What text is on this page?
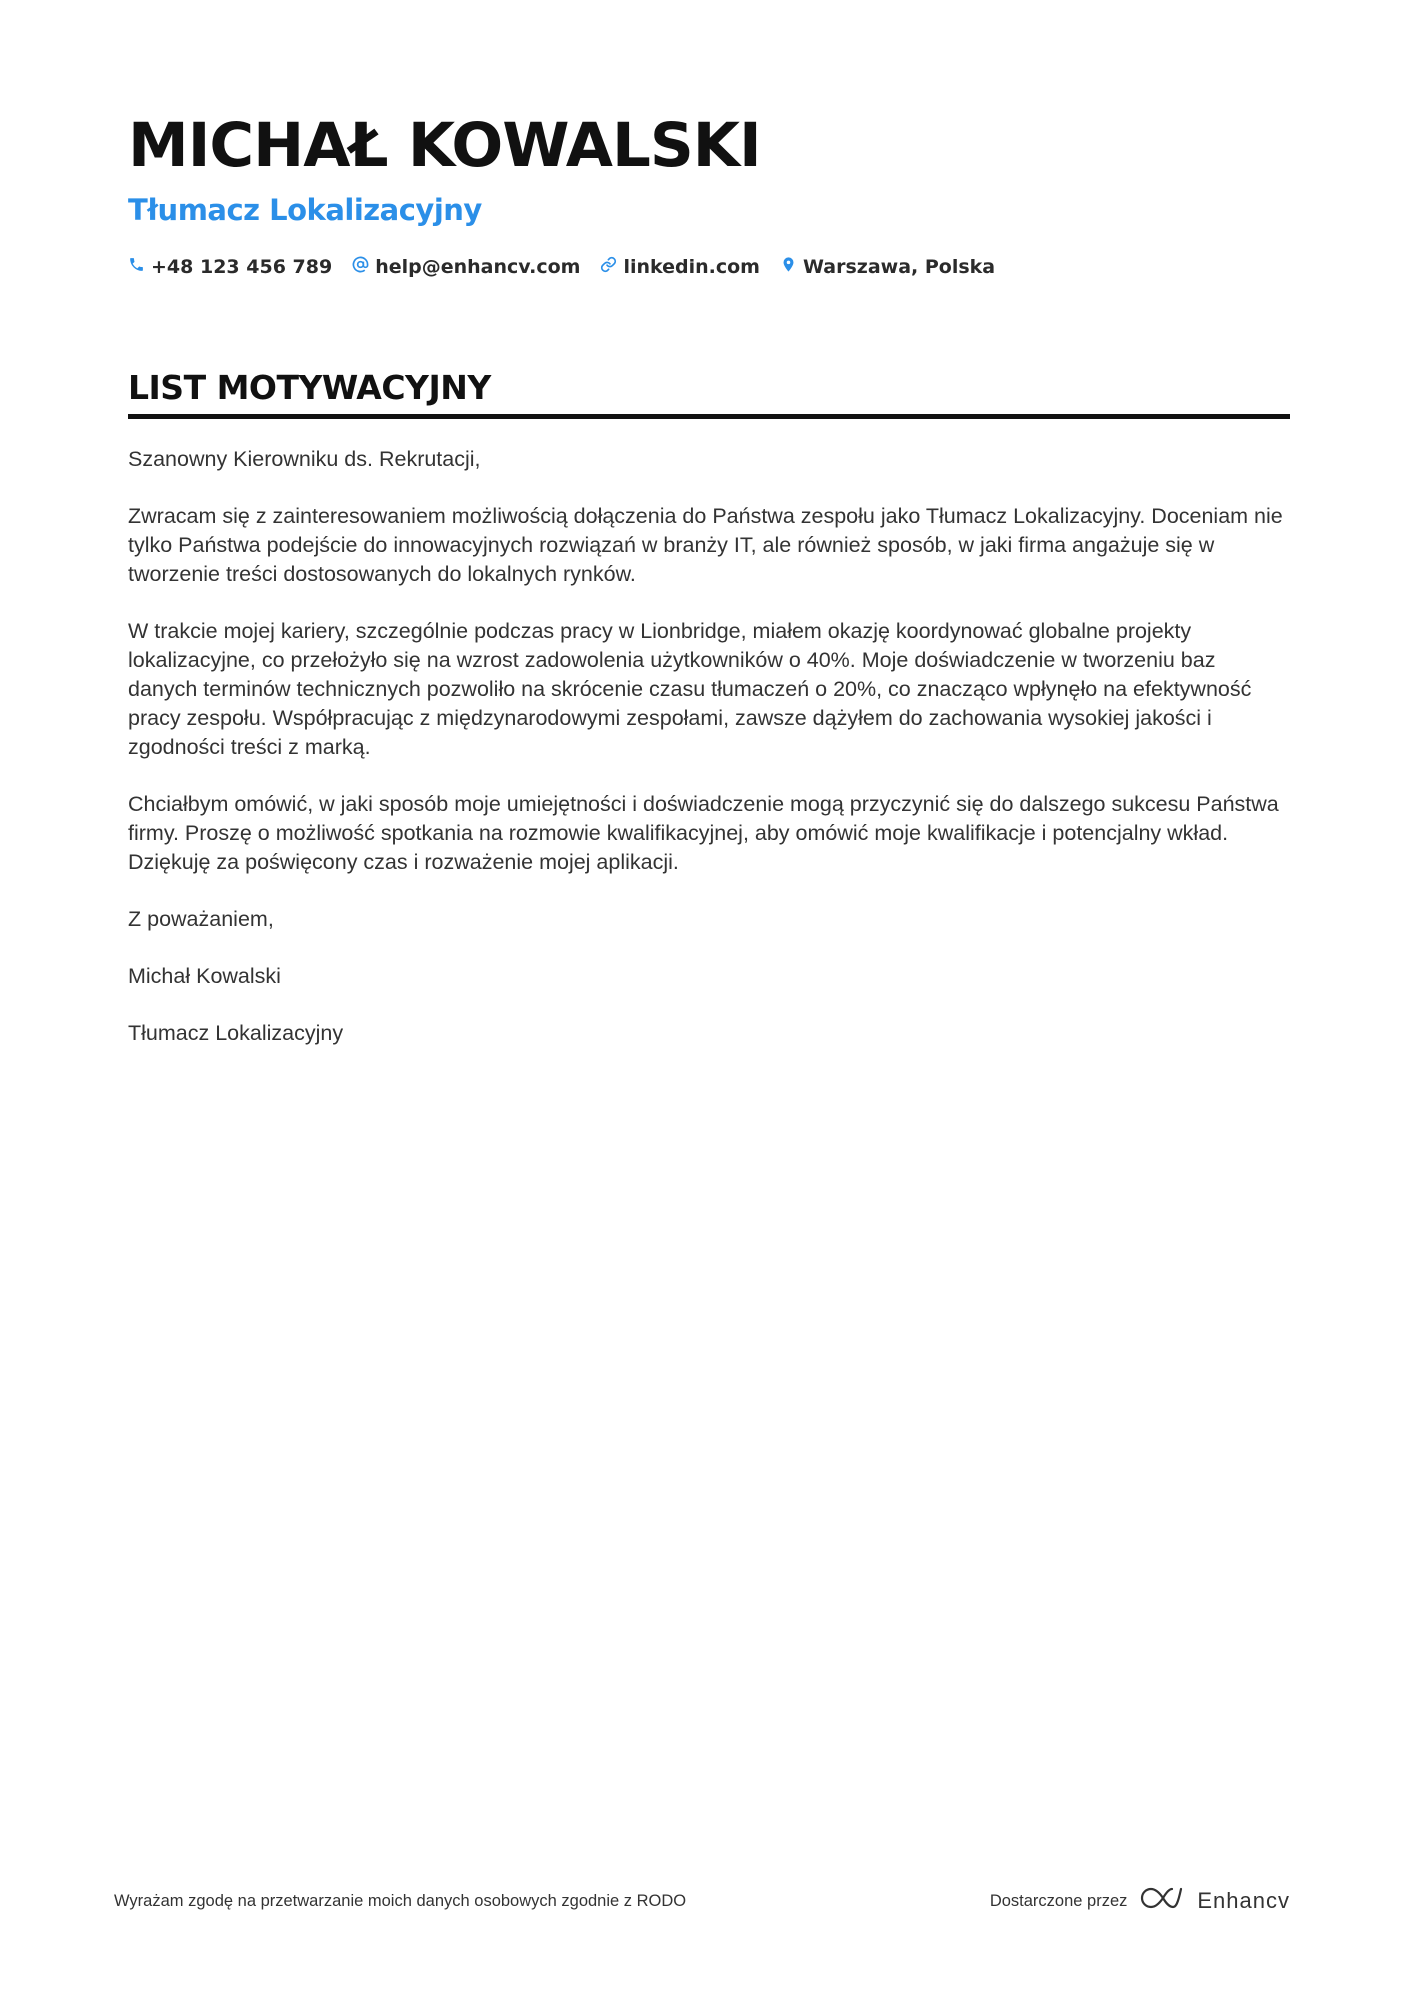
MICHAŁ KOWALSKI
Tłumacz Lokalizacyjny
+48 123 456 789 help@enhancv.com linkedin.com Warszawa, Polska
LIST MOTYWACYJNY

Szanowny Kierowniku ds. Rekrutacji,

Zwracam się z zainteresowaniem możliwością dołączenia do Państwa zespołu jako Tłumacz Lokalizacyjny. Doceniam nie tylko Państwa podejście do innowacyjnych rozwiązań w branży IT, ale również sposób, w jaki firma angażuje się w tworzenie treści dostosowanych do lokalnych rynków.

W trakcie mojej kariery, szczególnie podczas pracy w Lionbridge, miałem okazję koordynować globalne projekty lokalizacyjne, co przełożyło się na wzrost zadowolenia użytkowników o 40%. Moje doświadczenie w tworzeniu baz danych terminów technicznych pozwoliło na skrócenie czasu tłumaczeń o 20%, co znacząco wpłynęło na efektywność pracy zespołu. Współpracując z międzynarodowymi zespołami, zawsze dążyłem do zachowania wysokiej jakości i zgodności treści z marką.

Chciałbym omówić, w jaki sposób moje umiejętności i doświadczenie mogą przyczynić się do dalszego sukcesu Państwa firmy. Proszę o możliwość spotkania na rozmowie kwalifikacyjnej, aby omówić moje kwalifikacje i potencjalny wkład. Dziękuję za poświęcony czas i rozważenie mojej aplikacji.

Z poważaniem,

Michał Kowalski

Tłumacz Lokalizacyjny

Wyrażam zgodę na przetwarzanie moich danych osobowych zgodnie z RODO	Dostarczone przez	Enhancv
